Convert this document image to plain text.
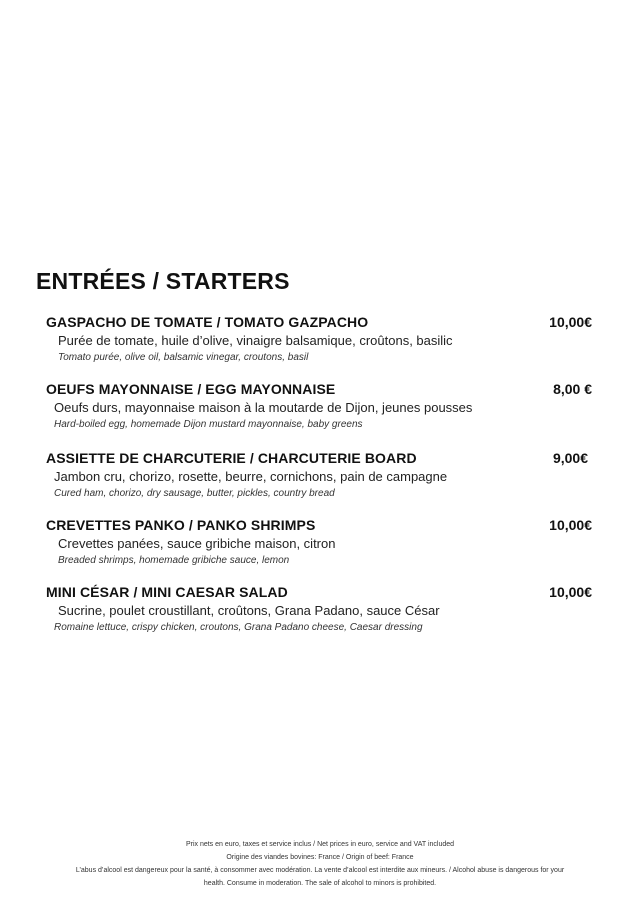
ENTRÉES / STARTERS
GASPACHO DE TOMATE / TOMATO GAZPACHO	10,00€
Purée de tomate, huile d’olive, vinaigre balsamique, croûtons, basilic
Tomato purée, olive oil, balsamic vinegar, croutons, basil
OEUFS MAYONNAISE / EGG MAYONNAISE	8,00 €
Oeufs durs, mayonnaise maison à la moutarde de Dijon, jeunes pousses
Hard-boiled egg, homemade Dijon mustard mayonnaise, baby greens
ASSIETTE DE CHARCUTERIE / CHARCUTERIE BOARD	9,00€
Jambon cru, chorizo, rosette, beurre, cornichons, pain de campagne
Cured ham, chorizo, dry sausage, butter, pickles, country bread
CREVETTES PANKO / PANKO SHRIMPS	10,00€
Crevettes panées, sauce gribiche maison, citron
Breaded shrimps, homemade gribiche sauce, lemon
MINI CÉSAR / MINI CAESAR SALAD	10,00€
Sucrine, poulet croustillant, croûtons, Grana Padano, sauce César
Romaine lettuce, crispy chicken, croutons, Grana Padano cheese, Caesar dressing
Prix nets en euro, taxes et service inclus / Net prices in euro, service and VAT included
Origine des viandes bovines: France / Origin of beef: France
L’abus d’alcool est dangereux pour la santé, à consommer avec modération. La vente d’alcool est interdite aux mineurs. / Alcohol abuse is dangerous for your
health. Consume in moderation. The sale of alcohol to minors is prohibited.
